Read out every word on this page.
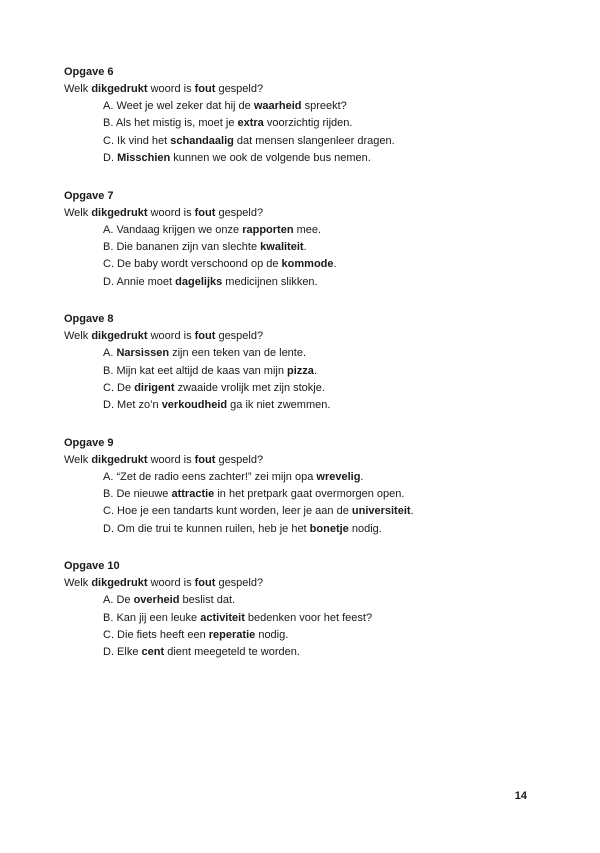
Opgave 6
Welk dikgedrukt woord is fout gespeld?
A. Weet je wel zeker dat hij de waarheid spreekt?
B. Als het mistig is, moet je extra voorzichtig rijden.
C. Ik vind het schandaalig dat mensen slangenleer dragen.
D. Misschien kunnen we ook de volgende bus nemen.
Opgave 7
Welk dikgedrukt woord is fout gespeld?
A. Vandaag krijgen we onze rapporten mee.
B. Die bananen zijn van slechte kwaliteit.
C. De baby wordt verschoond op de kommode.
D. Annie moet dagelijks medicijnen slikken.
Opgave 8
Welk dikgedrukt woord is fout gespeld?
A. Narsissen zijn een teken van de lente.
B. Mijn kat eet altijd de kaas van mijn pizza.
C. De dirigent zwaaide vrolijk met zijn stokje.
D. Met zo’n verkoudheid ga ik niet zwemmen.
Opgave 9
Welk dikgedrukt woord is fout gespeld?
A. “Zet de radio eens zachter!” zei mijn opa wrevelig.
B. De nieuwe attractie in het pretpark gaat overmorgen open.
C. Hoe je een tandarts kunt worden, leer je aan de universiteit.
D. Om die trui te kunnen ruilen, heb je het bonetje nodig.
Opgave 10
Welk dikgedrukt woord is fout gespeld?
A. De overheid beslist dat.
B. Kan jij een leuke activiteit bedenken voor het feest?
C. Die fiets heeft een reperatie nodig.
D. Elke cent dient meegeteld te worden.
14
